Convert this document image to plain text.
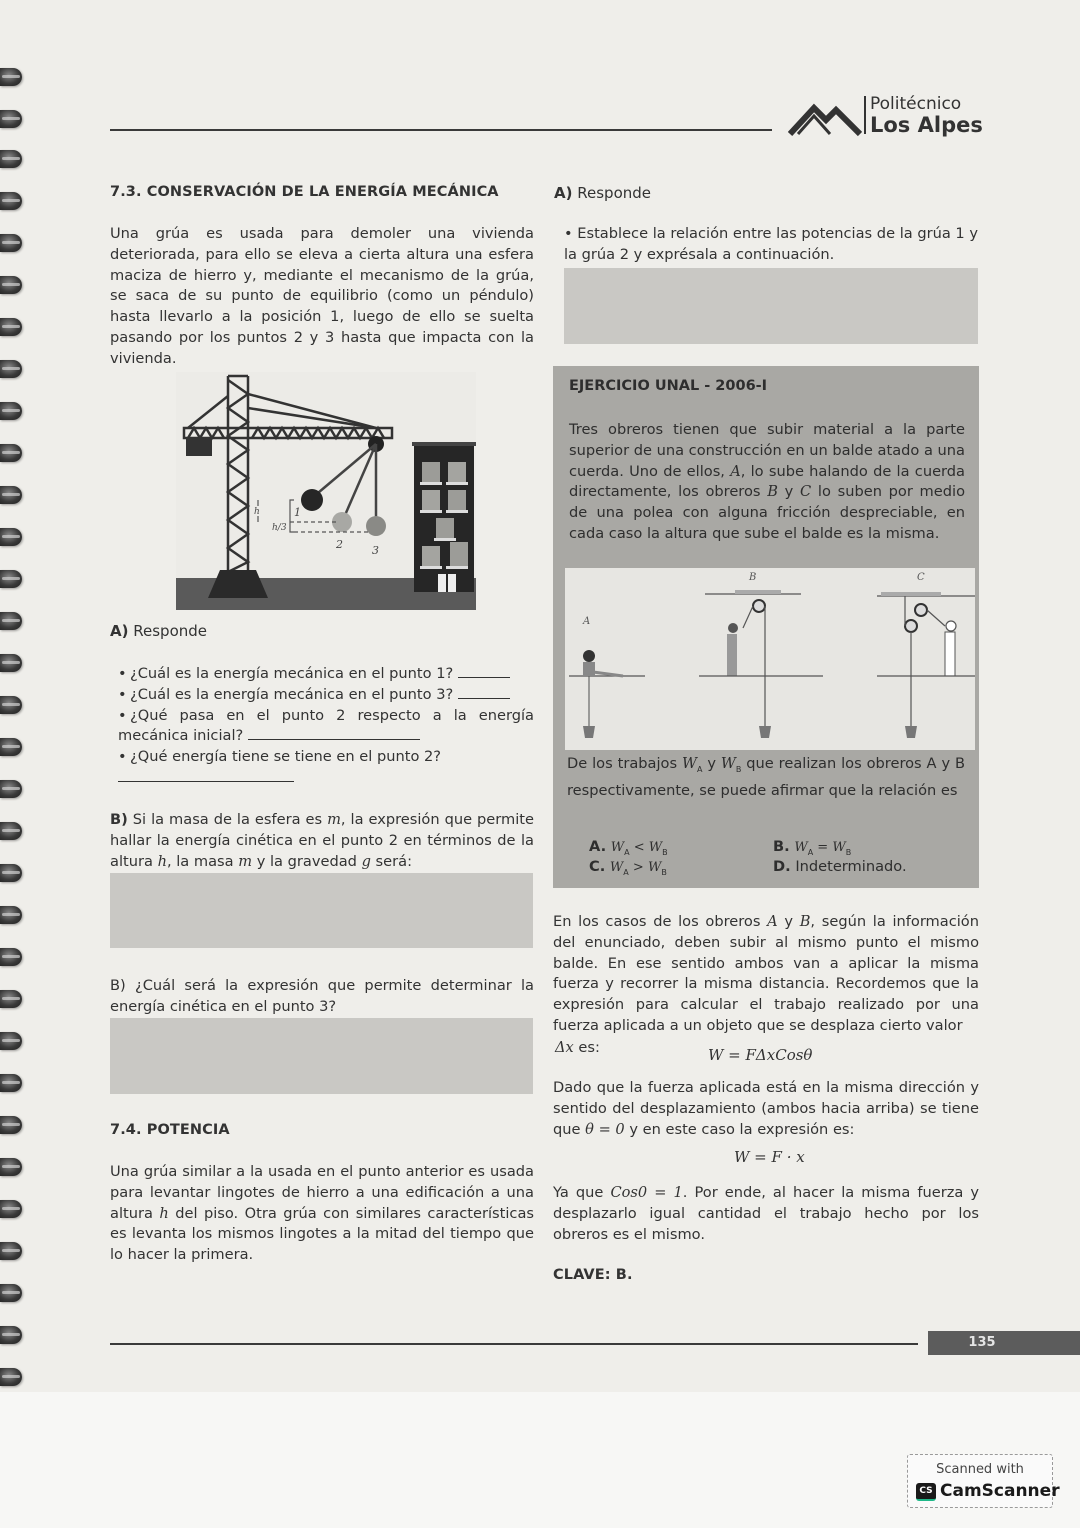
Politécnico
Los Alpes
7.3. CONSERVACIÓN DE LA ENERGÍA MECÁNICA
Una grúa es usada para demoler una vivienda deteriorada, para ello se eleva a cierta altura una esfera maciza de hierro y, mediante el mecanismo de la grúa, se saca de su punto de equilibrio (como un péndulo) hasta llevarlo a la posición 1, luego de ello se suelta pasando por los puntos 2 y 3 hasta que impacta con la vivienda.
h
h/3
1
2	3
A) Responde
• ¿Cuál es la energía mecánica en el punto 1?
• ¿Cuál es la energía mecánica en el punto 3?
• ¿Qué pasa en el punto 2 respecto a la energía mecánica inicial?
• ¿Qué energía tiene se tiene en el punto 2?

B) Si la masa de la esfera es m, la expresión que permite hallar la energía cinética en el punto 2 en términos de la altura h, la masa m y la gravedad g será:
B) ¿Cuál será la expresión que permite determinar la energía cinética en el punto 3?
7.4. POTENCIA
Una grúa similar a la usada en el punto anterior es usada para levantar lingotes de hierro a una edificación a una altura h del piso. Otra grúa con similares características es levanta los mismos lingotes a la mitad del tiempo que lo hacer la primera.
A) Responde
• Establece la relación entre las potencias de la grúa 1 y la grúa 2 y exprésala a continuación.
EJERCICIO UNAL - 2006-I
Tres obreros tienen que subir material a la parte superior de una construcción en un balde atado a una cuerda. Uno de ellos, A, lo sube halando de la cuerda directamente, los obreros B y C lo suben por medio de una polea con alguna fricción despreciable, en cada caso la altura que sube el balde es la misma.
A
B	C
De los trabajos $W_A$ y $W_B$ que realizan los obreros A y B respectivamente, se puede afirmar que la relación es
A. $W_A < W_B$	B. $W_A = W_B$
C. $W_A > W_B$	D. Indeterminado.
En los casos de los obreros A y B, según la información del enunciado, deben subir al mismo punto el mismo balde. En ese sentido ambos van a aplicar la misma fuerza y recorrer la misma distancia. Recordemos que la expresión para calcular el trabajo realizado por una fuerza aplicada a un objeto que se desplaza cierto valor
Δx es:	W = FΔxCosθ
Dado que la fuerza aplicada está en la misma dirección y sentido del desplazamiento (ambos hacia arriba) se tiene que θ = 0 y en este caso la expresión es:
W = F · x
Ya que Cos0 = 1. Por ende, al hacer la misma fuerza y desplazarlo igual cantidad el trabajo hecho por los obreros es el mismo.
CLAVE: B.
135
Scanned with
CS CamScanner
